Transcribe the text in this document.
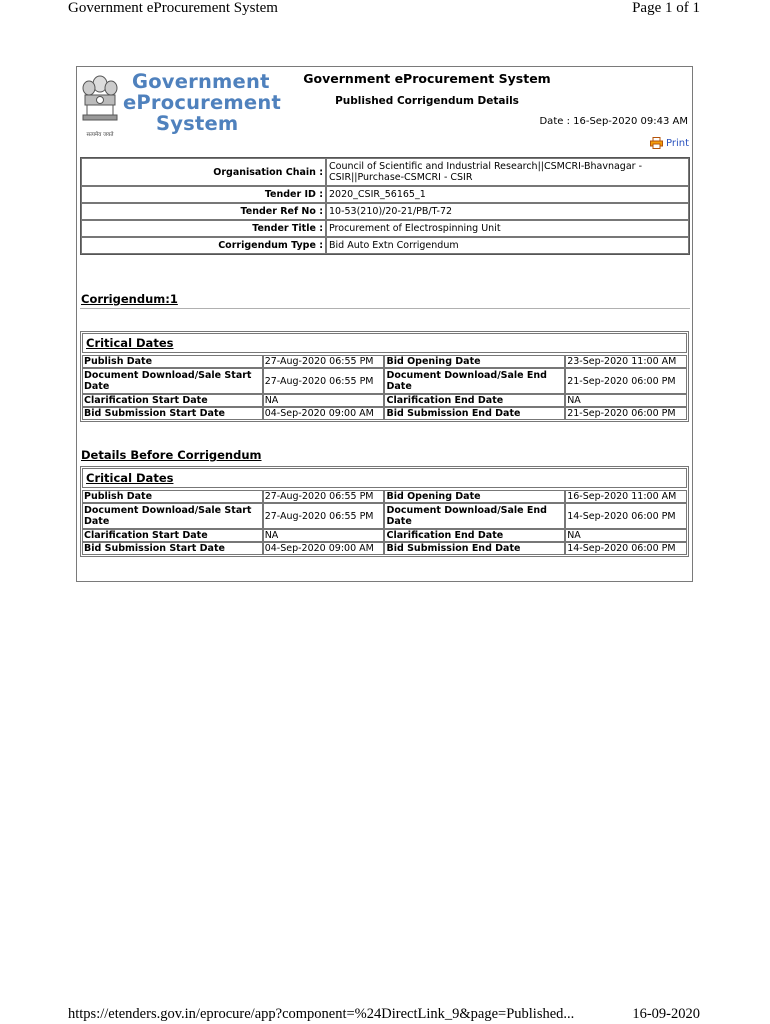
Government eProcurement System	Page 1 of 1
सत्यमेव जयते
Government
eProcurement
System
Government eProcurement System
Published Corrigendum Details
Date : 16-Sep-2020 09:43 AM
Print
Organisation Chain :	Council of Scientific and Industrial Research||CSMCRI-Bhavnagar -CSIR||Purchase-CSMCRI - CSIR
Tender ID :	2020_CSIR_56165_1
Tender Ref No :	10-53(210)/20-21/PB/T-72
Tender Title :	Procurement of Electrospinning Unit
Corrigendum Type :	Bid Auto Extn Corrigendum
Corrigendum:1
Critical Dates
Publish Date	27-Aug-2020 06:55 PM	Bid Opening Date	23-Sep-2020 11:00 AM
Document Download/Sale Start Date	27-Aug-2020 06:55 PM	Document Download/Sale End Date	21-Sep-2020 06:00 PM
Clarification Start Date	NA	Clarification End Date	NA
Bid Submission Start Date	04-Sep-2020 09:00 AM	Bid Submission End Date	21-Sep-2020 06:00 PM
Details Before Corrigendum
Critical Dates
Publish Date	27-Aug-2020 06:55 PM	Bid Opening Date	16-Sep-2020 11:00 AM
Document Download/Sale Start Date	27-Aug-2020 06:55 PM	Document Download/Sale End Date	14-Sep-2020 06:00 PM
Clarification Start Date	NA	Clarification End Date	NA
Bid Submission Start Date	04-Sep-2020 09:00 AM	Bid Submission End Date	14-Sep-2020 06:00 PM
https://etenders.gov.in/eprocure/app?component=%24DirectLink_9&page=Published...	16-09-2020
